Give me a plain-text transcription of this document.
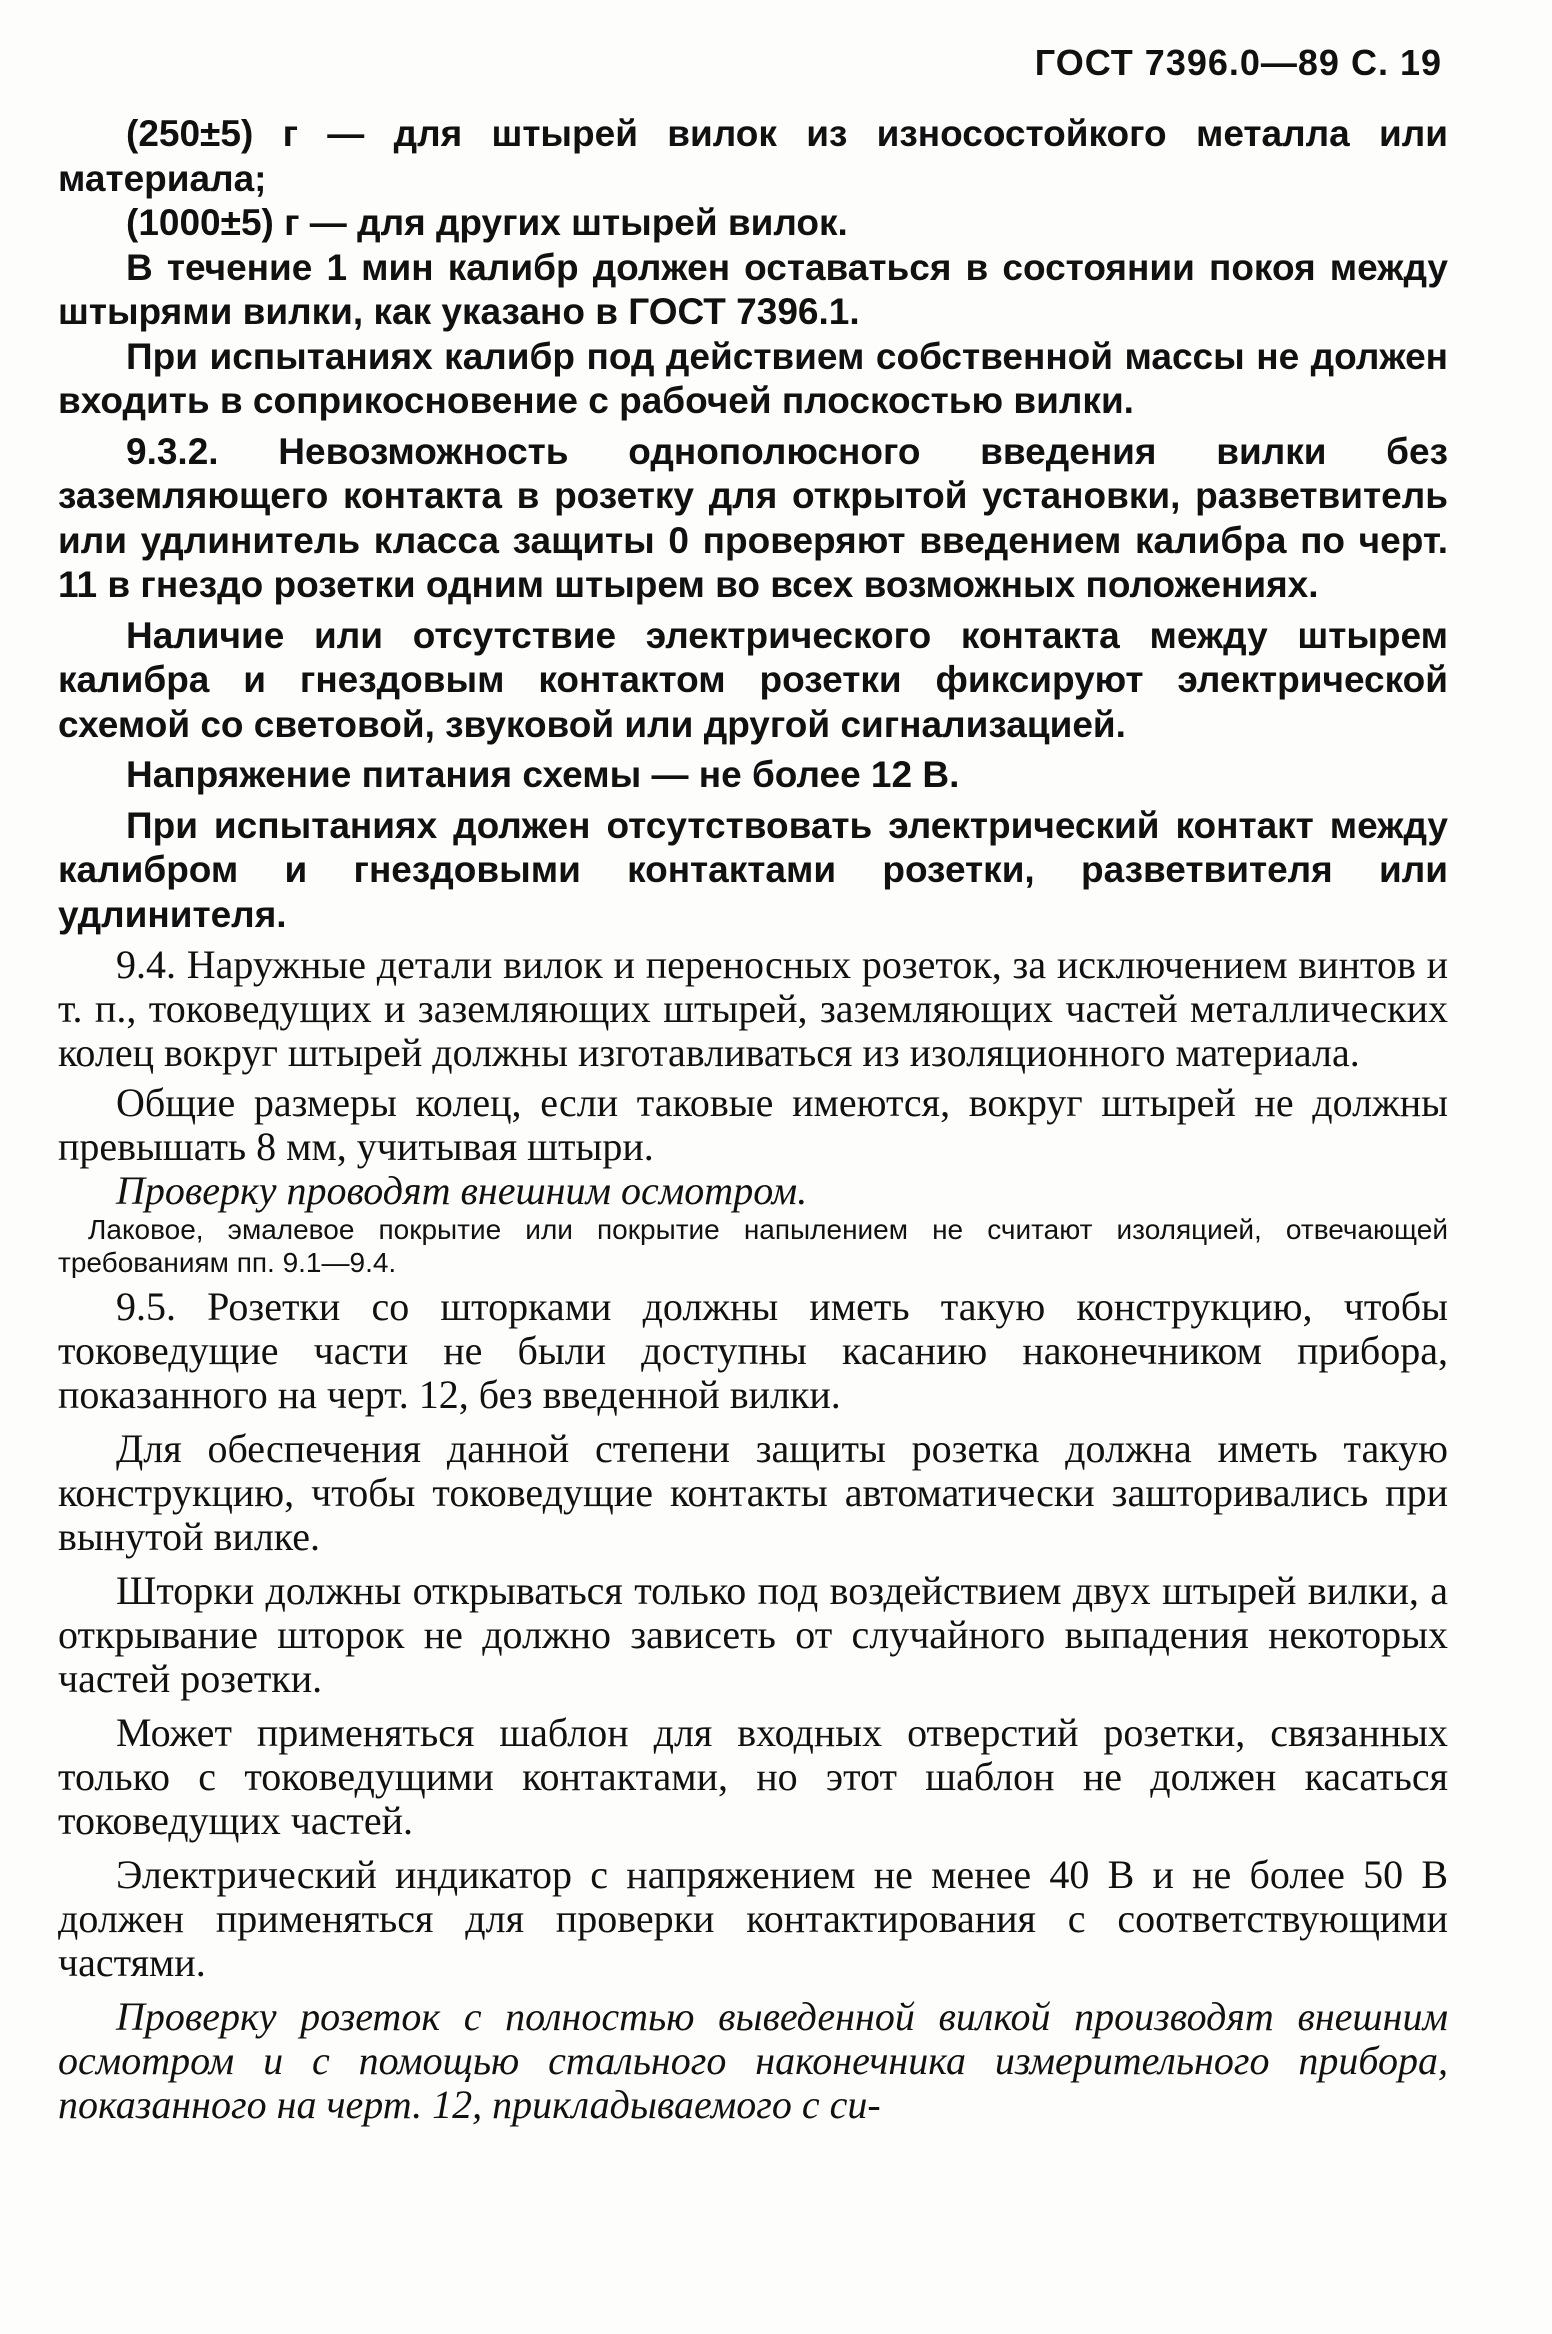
ГОСТ 7396.0—89 С. 19

(250±5) г — для штырей вилок из износостойкого металла или материала;

(1000±5) г — для других штырей вилок.

В течение 1 мин калибр должен оставаться в состоянии покоя между штырями вилки, как указано в ГОСТ 7396.1.

При испытаниях калибр под действием собственной массы не должен входить в соприкосновение с рабочей плоскостью вилки.

9.3.2. Невозможность однополюсного введения вилки без заземляющего контакта в розетку для открытой установки, разветвитель или удлинитель класса защиты 0 проверяют введением калибра по черт. 11 в гнездо розетки одним штырем во всех возможных положениях.

Наличие или отсутствие электрического контакта между штырем калибра и гнездовым контактом розетки фиксируют электрической схемой со световой, звуковой или другой сигнализацией.

Напряжение питания схемы — не более 12 В.

При испытаниях должен отсутствовать электрический контакт между калибром и гнездовыми контактами розетки, разветвителя или удлинителя.

9.4. Наружные детали вилок и переносных розеток, за исключением винтов и т. п., токоведущих и заземляющих штырей, заземляющих частей металлических колец вокруг штырей должны изготавливаться из изоляционного материала.

Общие размеры колец, если таковые имеются, вокруг штырей не должны превышать 8 мм, учитывая штыри.

Проверку проводят внешним осмотром.

Лаковое, эмалевое покрытие или покрытие напылением не считают изоляцией, отвечающей требованиям пп. 9.1—9.4.

9.5. Розетки со шторками должны иметь такую конструкцию, чтобы токоведущие части не были доступны касанию наконечником прибора, показанного на черт. 12, без введенной вилки.

Для обеспечения данной степени защиты розетка должна иметь такую конструкцию, чтобы токоведущие контакты автоматически зашторивались при вынутой вилке.

Шторки должны открываться только под воздействием двух штырей вилки, а открывание шторок не должно зависеть от случайного выпадения некоторых частей розетки.

Может применяться шаблон для входных отверстий розетки, связанных только с токоведущими контактами, но этот шаблон не должен касаться токоведущих частей.

Электрический индикатор с напряжением не менее 40 В и не более 50 В должен применяться для проверки контактирования с соответствующими частями.

Проверку розеток с полностью выведенной вилкой производят внешним осмотром и с помощью стального наконечника измерительного прибора, показанного на черт. 12, прикладываемого с си-
